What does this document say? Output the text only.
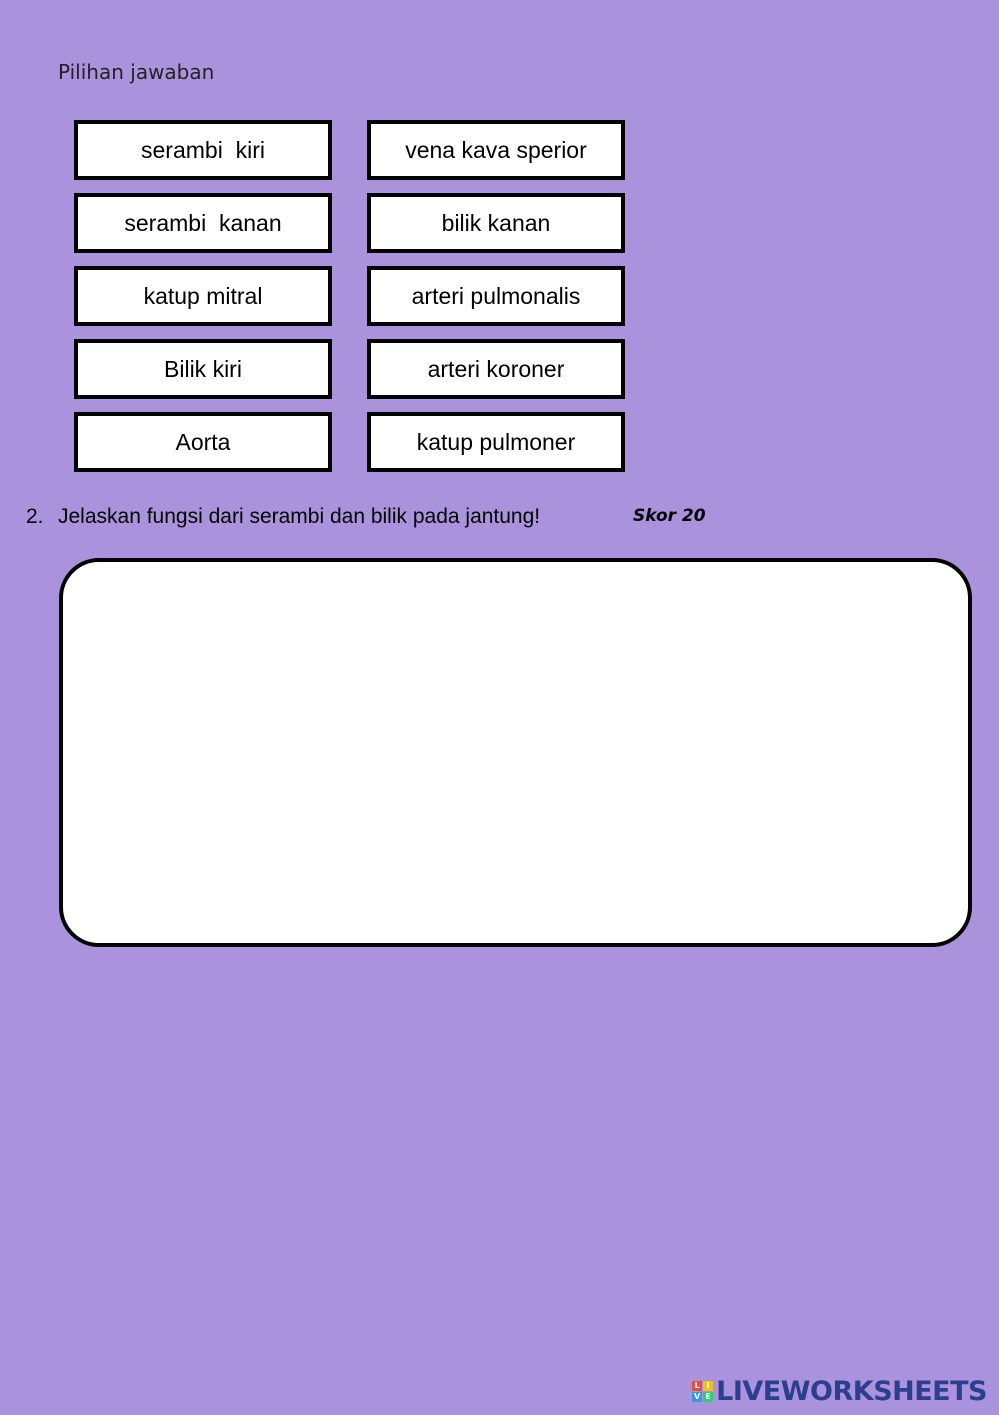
Pilihan jawaban
serambi  kiri
serambi  kanan
katup mitral
Bilik kiri
Aorta
vena kava sperior
bilik kanan
arteri pulmonalis
arteri koroner
katup pulmoner
2. Jelaskan fungsi dari serambi dan bilik pada jantung!	Skor 20
L I
V E LIVEWORKSHEETS
